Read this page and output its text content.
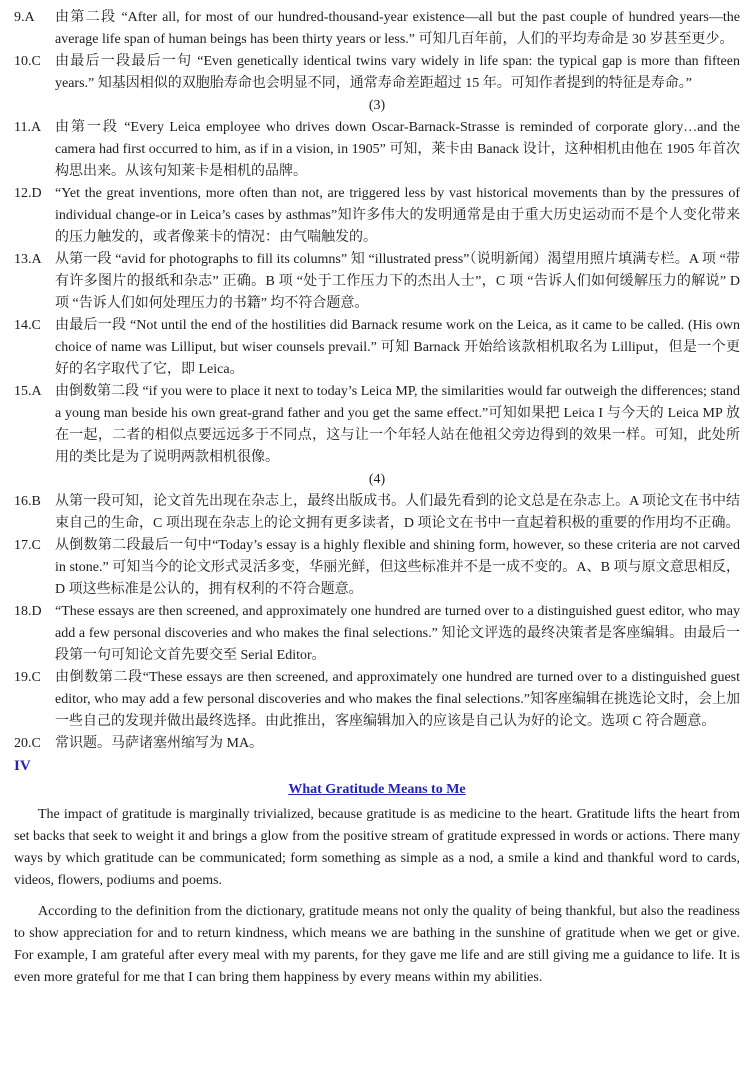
9.A	由第二段 “After all, for most of our hundred-thousand-year existence—all but the past couple of hundred years—the average life span of human beings has been thirty years or less.” 可知几百年前，人们的平均寿命是 30 岁甚至更少。
10.C	由最后一段最后一句 “Even genetically identical twins vary widely in life span: the typical gap is more than fifteen years.” 知基因相似的双胞胎寿命也会明显不同，通常寿命差距超过 15 年。可知作者提到的特征是寿命。”
(3)
11.A 由第一段 “Every Leica employee who drives down Oscar-Barnack-Strasse is reminded of corporate glory…and the camera had first occurred to him, as if in a vision, in 1905” 可知，莱卡由 Banack 设计，这种相机由他在 1905 年首次构思出来。从该句知莱卡是相机的品牌。
12.D “Yet the great inventions, more often than not, are triggered less by vast historical movements than by the pressures of individual change-or in Leica’s cases by asthmas”知许多伟大的发明通常是由于重大历史运动而不是个人变化带来的压力触发的，或者像莱卡的情况：由气喘触发的。
13.A 从第一段 “avid for photographs to fill its columns” 知 “illustrated press”（说明新闻）渴望用照片填满专栏。A 项 “带有许多图片的报纸和杂志” 正确。B 项 “处于工作压力下的杰出人士”，C 项 “告诉人们如何缓解压力的解说” D 项 “告诉人们如何处理压力的书籍” 均不符合题意。
14.C	由最后一段 “Not until the end of the hostilities did Barnack resume work on the Leica, as it came to be called. (His own choice of name was Lilliput, but wiser counsels prevail.” 可知 Barnack 开始给该款相机取名为 Lilliput，但是一个更好的名字取代了它，即 Leica。
15.A 由倒数第二段 “if you were to place it next to today’s Leica MP, the similarities would far outweigh the differences; stand a young man beside his own great-grand father and you get the same effect.”可知如果把 Leica I 与今天的 Leica MP 放在一起，二者的相似点要远远多于不同点，这与让一个年轻人站在他祖父旁边得到的效果一样。可知，此处所用的类比是为了说明两款相机很像。
(4)
16.B	从第一段可知，论文首先出现在杂志上，最终出版成书。人们最先看到的论文总是在杂志上。A 项论文在书中结束自己的生命，C 项出现在杂志上的论文拥有更多读者，D 项论文在书中一直起着积极的重要的作用均不正确。
17.C	从倒数第二段最后一句中“Today’s essay is a highly flexible and shining form, however, so these criteria are not carved in stone.” 可知当今的论文形式灵活多变，华丽光鲜，但这些标准并不是一成不变的。A、B 项与原文意思相反，D 项这些标准是公认的，拥有权利的不符合题意。
18.D “These essays are then screened, and approximately one hundred are turned over to a distinguished guest editor, who may add a few personal discoveries and who makes the final selections.” 知论文评选的最终决策者是客座编辑。由最后一段第一句可知论文首先要交至 Serial Editor。
19.C	由倒数第二段“These essays are then screened, and approximately one hundred are turned over to a distinguished guest editor, who may add a few personal discoveries and who makes the final selections.”知客座编辑在挑选论文时，会上加一些自己的发现并做出最终选择。由此推出，客座编辑加入的应该是自己认为好的论文。选项 C 符合题意。
20.C	常识题。马萨诸塞州缩写为 MA。
IV
What Gratitude Means to Me

The impact of gratitude is marginally trivialized, because gratitude is as medicine to the heart. Gratitude lifts the heart from set backs that seek to weight it and brings a glow from the positive stream of gratitude expressed in words or actions. There many ways by which gratitude can be communicated; form something as simple as a nod, a smile a kind and thankful word to cards, videos, flowers, podiums and poems.

According to the definition from the dictionary, gratitude means not only the quality of being thankful, but also the readiness to show appreciation for and to return kindness, which means we are bathing in the sunshine of gratitude when we get or give. For example, I am grateful after every meal with my parents, for they gave me life and are still giving me a guidance to life. It is even more grateful for me that I can bring them happiness by every means within my abilities.
